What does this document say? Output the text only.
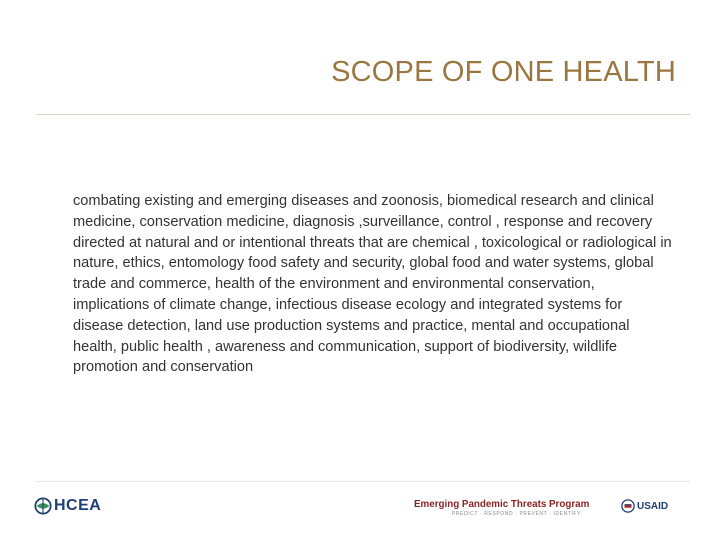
SCOPE OF ONE HEALTH
combating existing and emerging diseases and zoonosis, biomedical research and clinical medicine, conservation medicine, diagnosis ,surveillance, control , response and recovery directed at natural and or intentional threats that are chemical , toxicological or radiological in nature, ethics, entomology food safety and security, global food and water systems, global trade and commerce, health of the environment and environmental conservation, implications of climate change, infectious disease ecology and integrated systems for disease detection, land use production systems and practice, mental and occupational health, public health , awareness and communication, support of biodiversity, wildlife promotion and conservation
HCEA	Emerging Pandemic Threats Program
PREDICT · RESPOND · PREVENT · IDENTIFY
USAID
